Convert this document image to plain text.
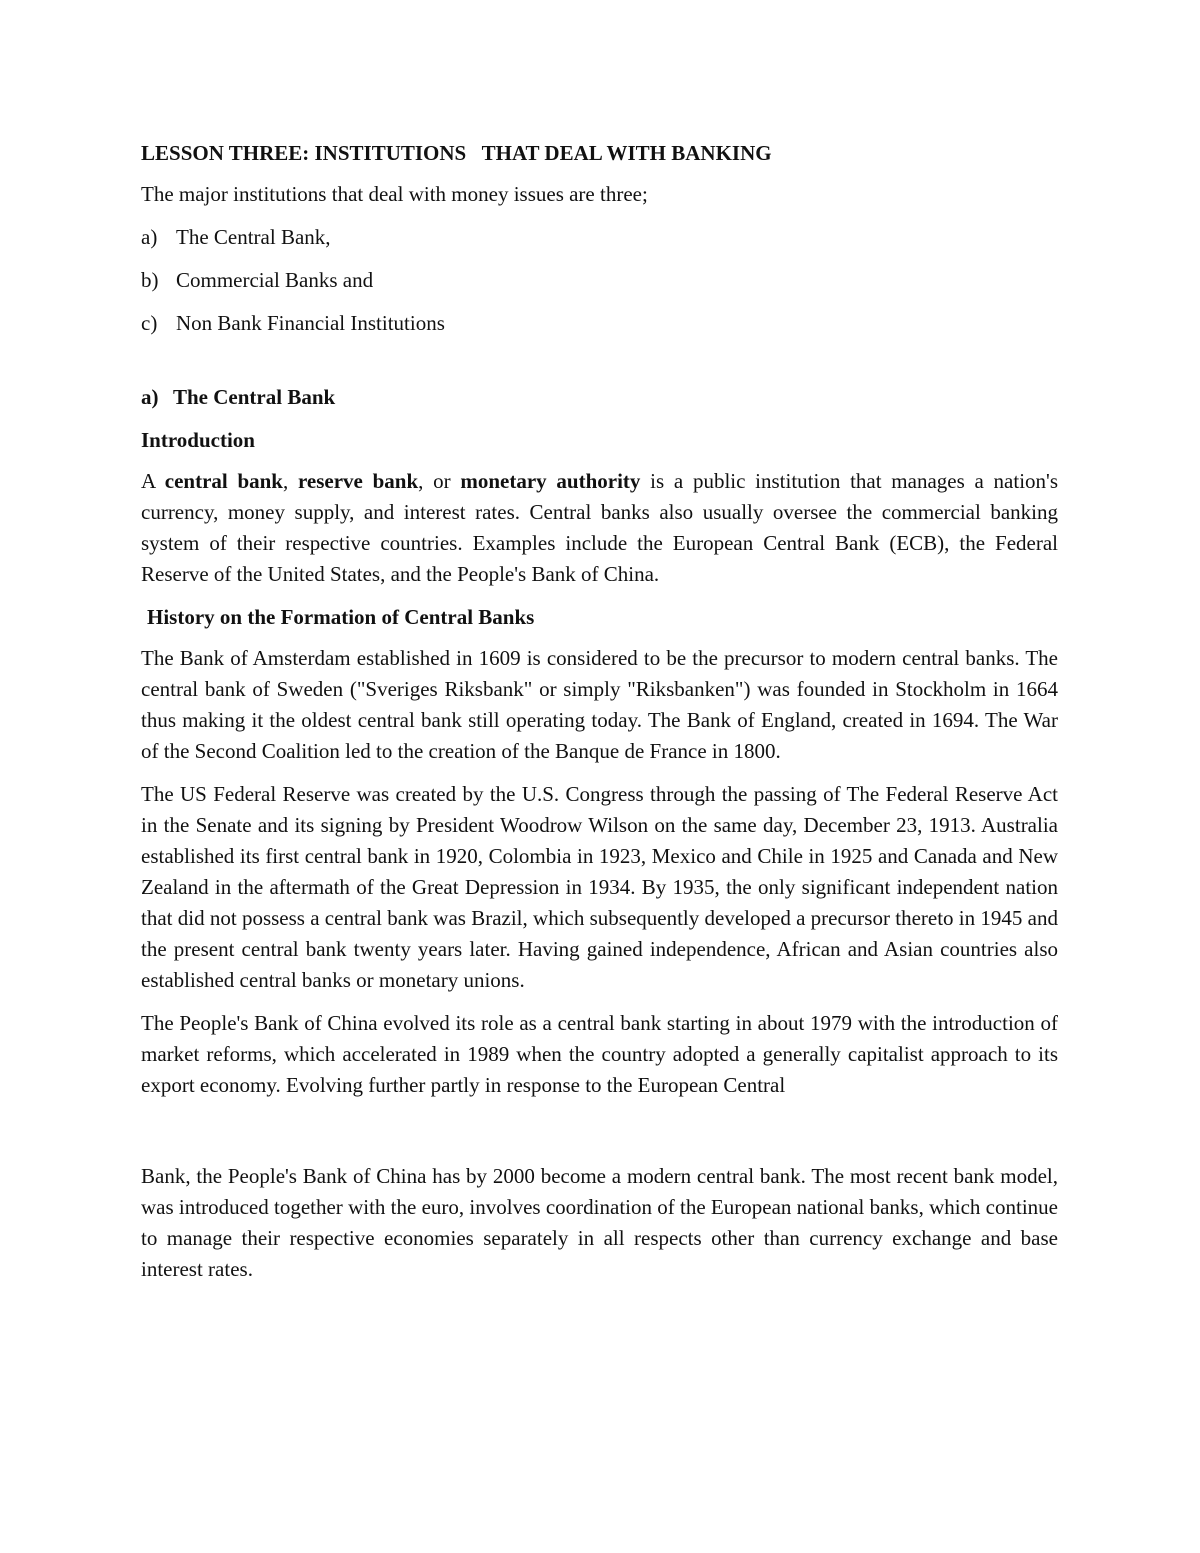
LESSON THREE: INSTITUTIONS   THAT DEAL WITH BANKING
The major institutions that deal with money issues are three;
a) The Central Bank,
b) Commercial Banks and
c) Non Bank Financial Institutions
a) The Central Bank
Introduction

A central bank, reserve bank, or monetary authority is a public institution that manages a nation's currency, money supply, and interest rates. Central banks also usually oversee the commercial banking system of their respective countries. Examples include the European Central Bank (ECB), the Federal Reserve of the United States, and the People's Bank of China.

History on the Formation of Central Banks

The Bank of Amsterdam established in 1609 is considered to be the precursor to modern central banks. The central bank of Sweden ("Sveriges Riksbank" or simply "Riksbanken") was founded in Stockholm in 1664 thus making it the oldest central bank still operating today. The Bank of England, created in 1694. The War of the Second Coalition led to the creation of the Banque de France in 1800.

The US Federal Reserve was created by the U.S. Congress through the passing of The Federal Reserve Act in the Senate and its signing by President Woodrow Wilson on the same day, December 23, 1913. Australia established its first central bank in 1920, Colombia in 1923, Mexico and Chile in 1925 and Canada and New Zealand in the aftermath of the Great Depression in 1934. By 1935, the only significant independent nation that did not possess a central bank was Brazil, which subsequently developed a precursor thereto in 1945 and the present central bank twenty years later. Having gained independence, African and Asian countries also established central banks or monetary unions.

The People's Bank of China evolved its role as a central bank starting in about 1979 with the introduction of market reforms, which accelerated in 1989 when the country adopted a generally capitalist approach to its export economy. Evolving further partly in response to the European Central

Bank, the People's Bank of China has by 2000 become a modern central bank. The most recent bank model, was introduced together with the euro, involves coordination of the European national banks, which continue to manage their respective economies separately in all respects other than currency exchange and base interest rates.
